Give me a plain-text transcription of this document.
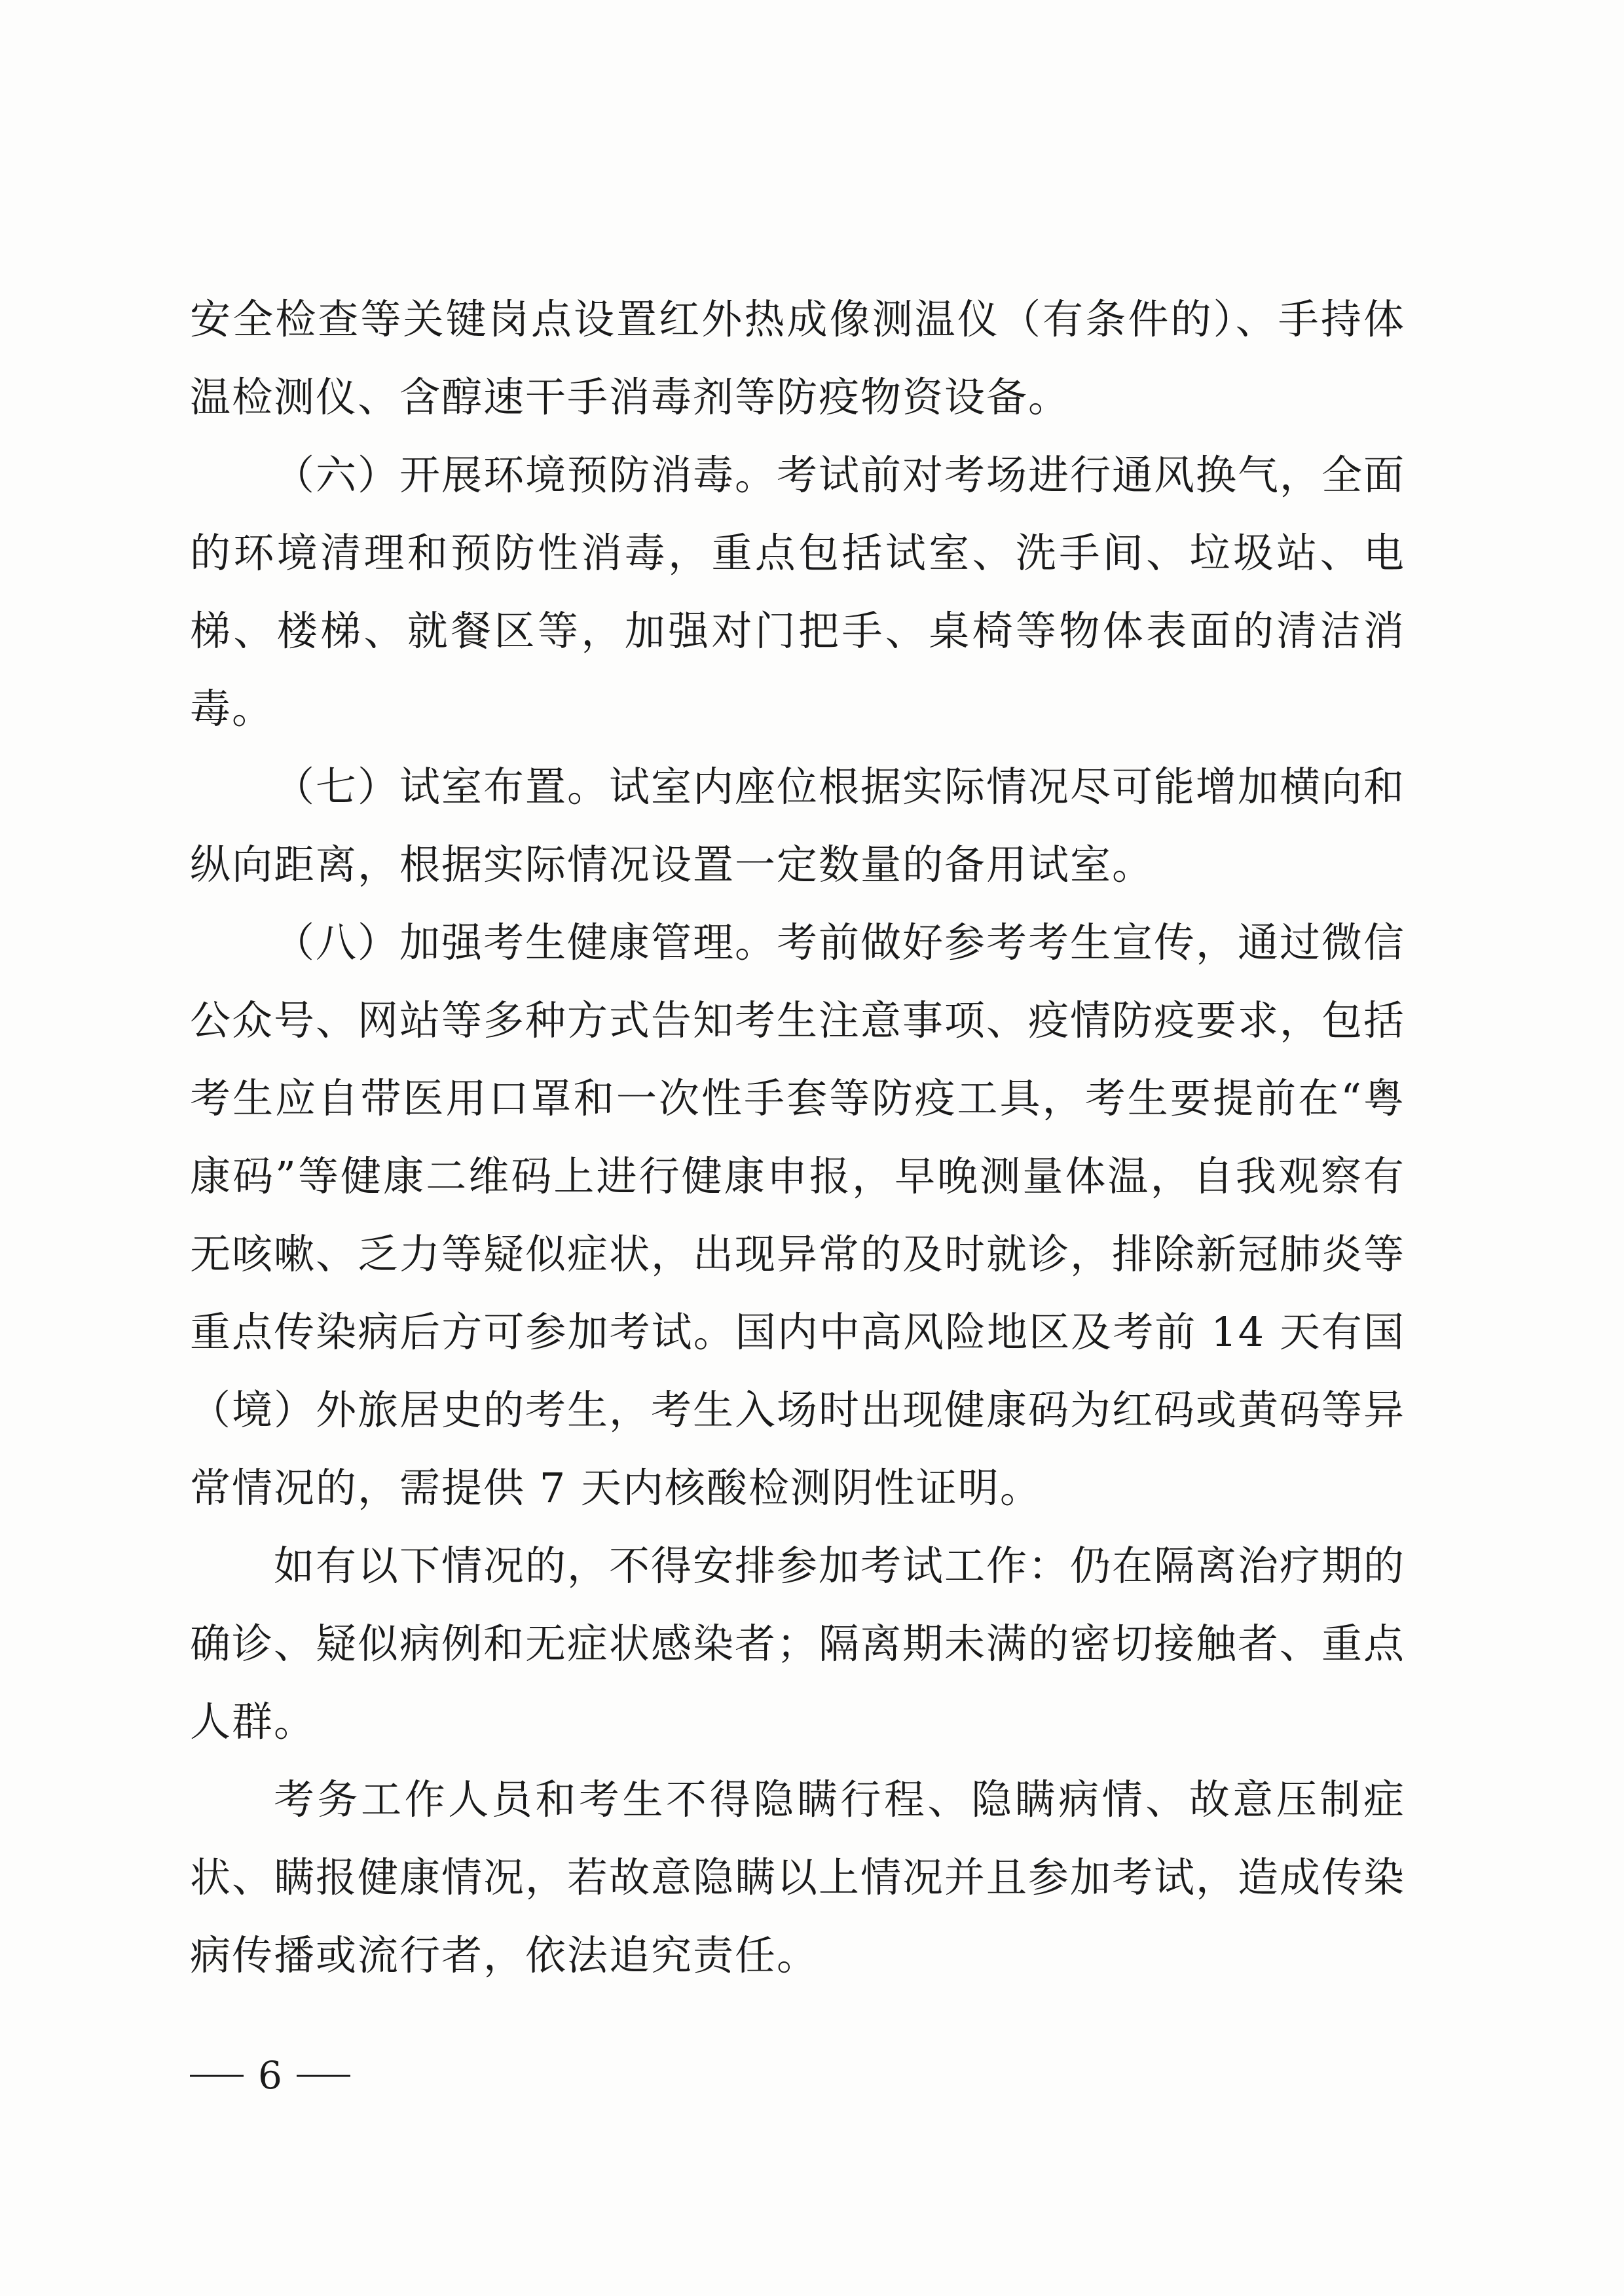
安全检查等关键岗点设置红外热成像测温仪（有条件的）、手持体温检测仪、含醇速干手消毒剂等防疫物资设备。

（六）开展环境预防消毒。考试前对考场进行通风换气，全面的环境清理和预防性消毒，重点包括试室、洗手间、垃圾站、电梯、楼梯、就餐区等，加强对门把手、桌椅等物体表面的清洁消毒。

（七）试室布置。试室内座位根据实际情况尽可能增加横向和纵向距离，根据实际情况设置一定数量的备用试室。

（八）加强考生健康管理。考前做好参考考生宣传，通过微信公众号、网站等多种方式告知考生注意事项、疫情防疫要求，包括考生应自带医用口罩和一次性手套等防疫工具，考生要提前在“粤康码”等健康二维码上进行健康申报，早晚测量体温，自我观察有无咳嗽、乏力等疑似症状，出现异常的及时就诊，排除新冠肺炎等重点传染病后方可参加考试。国内中高风险地区及考前 14 天有国（境）外旅居史的考生，考生入场时出现健康码为红码或黄码等异常情况的，需提供 7 天内核酸检测阴性证明。

如有以下情况的，不得安排参加考试工作：仍在隔离治疗期的确诊、疑似病例和无症状感染者；隔离期未满的密切接触者、重点人群。

考务工作人员和考生不得隐瞒行程、隐瞒病情、故意压制症状、瞒报健康情况，若故意隐瞒以上情况并且参加考试，造成传染病传播或流行者，依法追究责任。

6
